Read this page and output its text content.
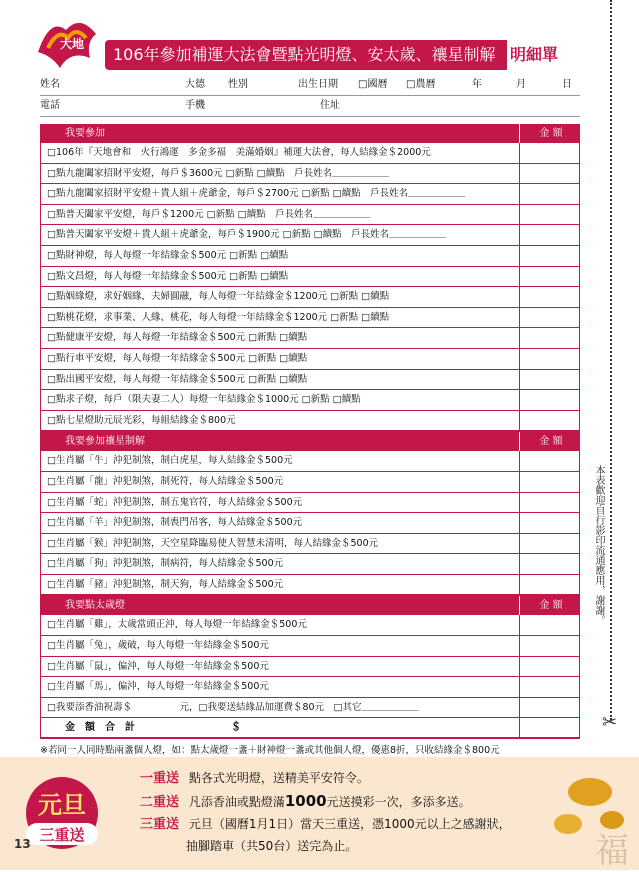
大地
106年參加補運大法會暨點光明燈、安太歲、禳星制解 明細單
姓名	大德 性別	出生日期 □國曆 □農曆	年	月	日
電話	手機	住址
我要參加	金 額
□106年『天地會和　火行鴻運　多金多福　美滿婚姻』補運大法會，每人結緣金＄2000元
□點九龍闔家招財平安燈，每戶＄3600元 □新點 □續點　戶長姓名＿＿＿＿＿＿
□點九龍闔家招財平安燈＋貴人組＋虎爺金，每戶＄2700元 □新點 □續點　戶長姓名＿＿＿＿＿＿
□點普天闔家平安燈，每戶＄1200元 □新點 □續點　戶長姓名＿＿＿＿＿＿
□點普天闔家平安燈＋貴人組＋虎爺金，每戶＄1900元 □新點 □續點　戶長姓名＿＿＿＿＿＿
□點財神燈，每人每燈一年結緣金＄500元 □新點 □續點
□點文昌燈，每人每燈一年結緣金＄500元 □新點 □續點
□點姻緣燈，求好姻緣，夫婦圓融，每人每燈一年結緣金＄1200元 □新點 □續點
□點桃花燈，求事業、人緣、桃花，每人每燈一年結緣金＄1200元 □新點 □續點
□點健康平安燈，每人每燈一年結緣金＄500元 □新點 □續點
□點行車平安燈，每人每燈一年結緣金＄500元 □新點 □續點
□點出國平安燈，每人每燈一年結緣金＄500元 □新點 □續點
□點求子燈，每戶（限夫妻二人）每燈一年結緣金＄1000元 □新點 □續點
□點七星燈助元辰光彩，每組結緣金＄800元
我要參加禳星制解	金 額
□生肖屬「牛」沖犯制煞，制白虎星，每人結緣金＄500元
□生肖屬「龍」沖犯制煞，制死符，每人結緣金＄500元
□生肖屬「蛇」沖犯制煞，制五鬼官符，每人結緣金＄500元
□生肖屬「羊」沖犯制煞，制喪門吊客，每人結緣金＄500元
□生肖屬「猴」沖犯制煞，天空星降臨易使人智慧未清明，每人結緣金＄500元
□生肖屬「狗」沖犯制煞，制病符，每人結緣金＄500元
□生肖屬「豬」沖犯制煞，制天狗，每人結緣金＄500元
我要點太歲燈	金 額
□生肖屬「雞」，太歲當頭正沖，每人每燈一年結緣金＄500元
□生肖屬「兔」，歲破，每人每燈一年結緣金＄500元
□生肖屬「鼠」，偏沖，每人每燈一年結緣金＄500元
□生肖屬「馬」，偏沖，每人每燈一年結緣金＄500元
□我要添香油祝壽＄　　　　　元，□我要送結緣品加運費＄80元　□其它＿＿＿＿＿＿
金　額　合　計	＄
※若同一人同時點兩盞個人燈，如：點太歲燈一盞＋財神燈一盞或其他個人燈，優惠8折，只收結緣金＄800元
本表歡迎自行影印流通應用，謝謝。
✂
元旦
三重送	福
一重送 點各式光明燈，送精美平安符令。
二重送 凡添香油或點燈滿1000元送摸彩一次，多添多送。
三重送 元旦（國曆1月1日）當天三重送，憑1000元以上之感謝狀，
抽腳踏車（共50台）送完為止。
13
